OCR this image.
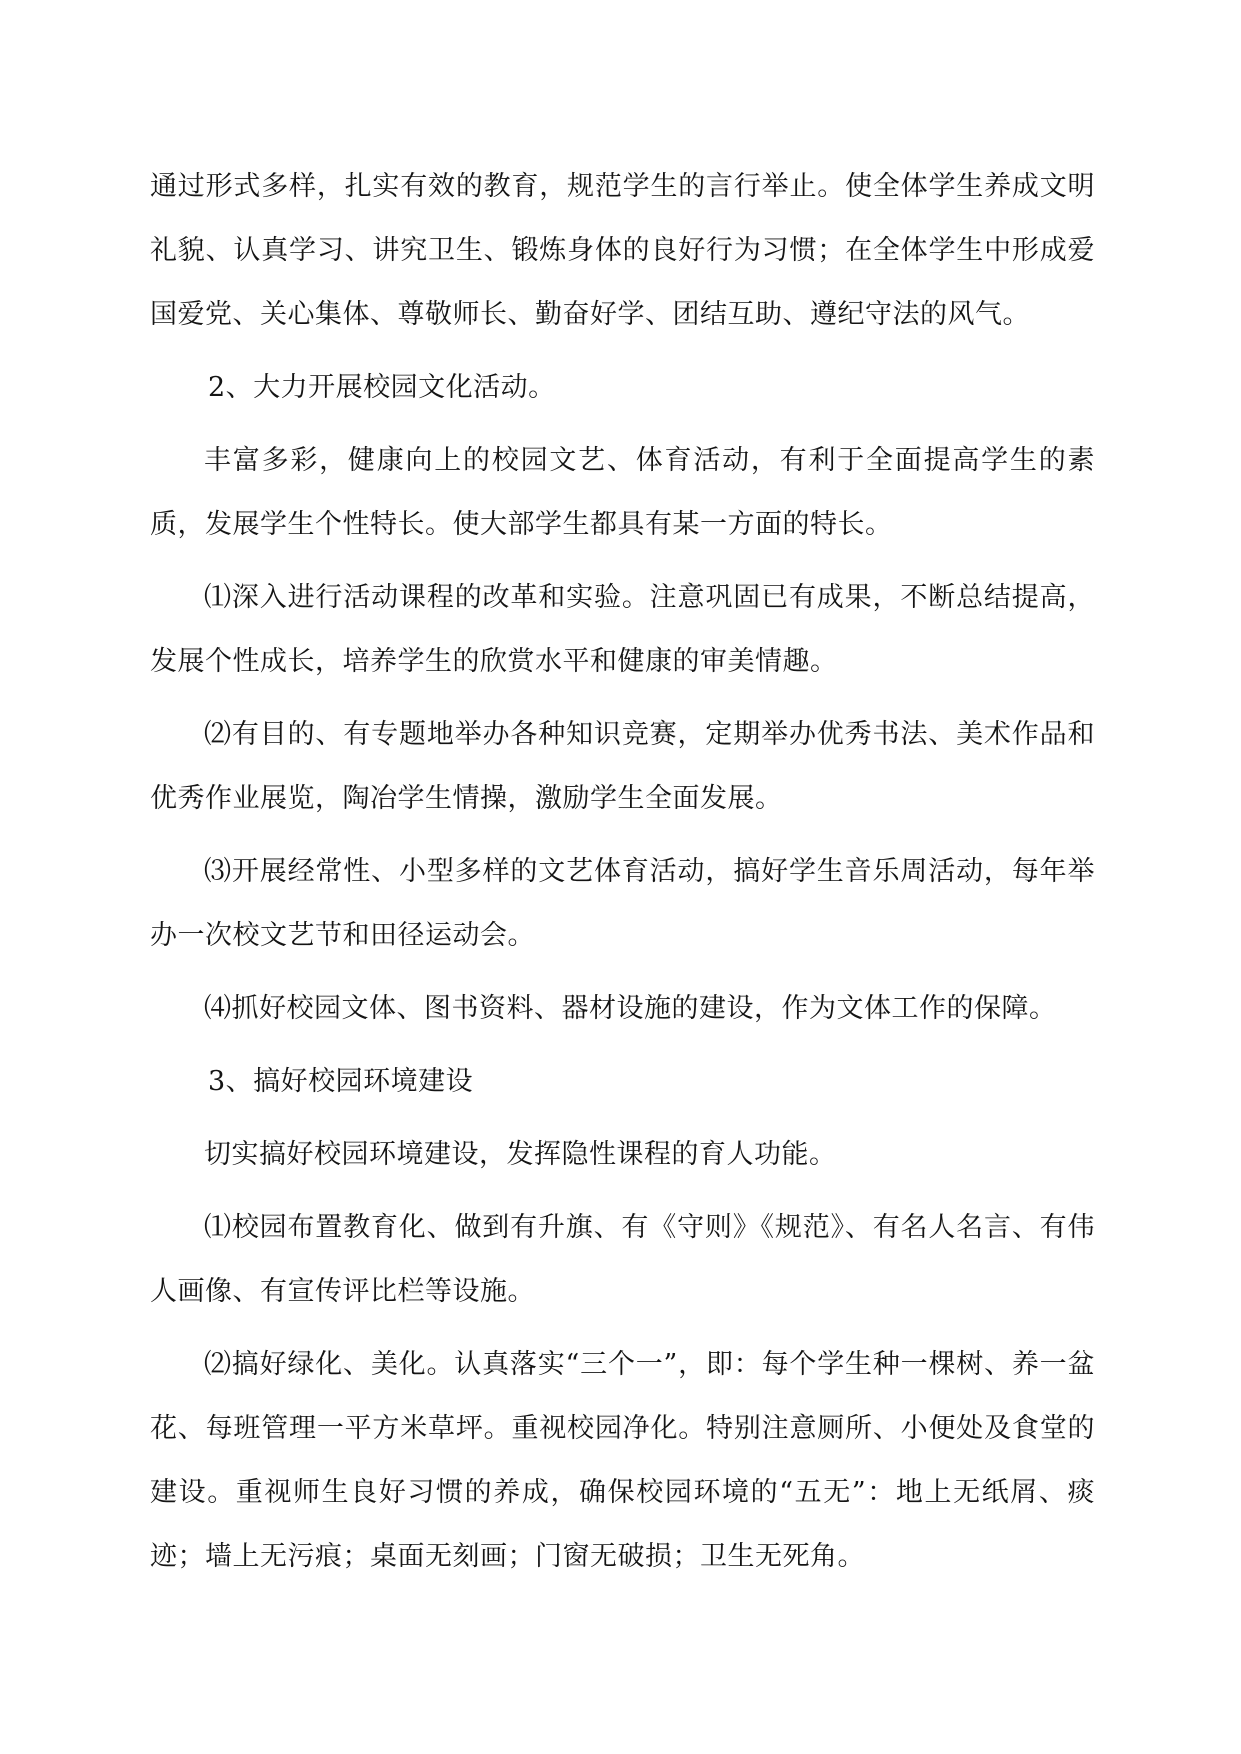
通过形式多样，扎实有效的教育，规范学生的言行举止。使全体学生养成文明礼貌、认真学习、讲究卫生、锻炼身体的良好行为习惯；在全体学生中形成爱国爱党、关心集体、尊敬师长、勤奋好学、团结互助、遵纪守法的风气。

2、大力开展校园文化活动。

丰富多彩，健康向上的校园文艺、体育活动，有利于全面提高学生的素质，发展学生个性特长。使大部学生都具有某一方面的特长。

⑴深入进行活动课程的改革和实验。注意巩固已有成果，不断总结提高，发展个性成长，培养学生的欣赏水平和健康的审美情趣。

⑵有目的、有专题地举办各种知识竞赛，定期举办优秀书法、美术作品和优秀作业展览，陶冶学生情操，激励学生全面发展。

⑶开展经常性、小型多样的文艺体育活动，搞好学生音乐周活动，每年举办一次校文艺节和田径运动会。

⑷抓好校园文体、图书资料、器材设施的建设，作为文体工作的保障。

3、搞好校园环境建设

切实搞好校园环境建设，发挥隐性课程的育人功能。

⑴校园布置教育化、做到有升旗、有《守则》《规范》、有名人名言、有伟人画像、有宣传评比栏等设施。

⑵搞好绿化、美化。认真落实“三个一”，即：每个学生种一棵树、养一盆花、每班管理一平方米草坪。重视校园净化。特别注意厕所、小便处及食堂的建设。重视师生良好习惯的养成，确保校园环境的“五无”：地上无纸屑、痰迹；墙上无污痕；桌面无刻画；门窗无破损；卫生无死角。
